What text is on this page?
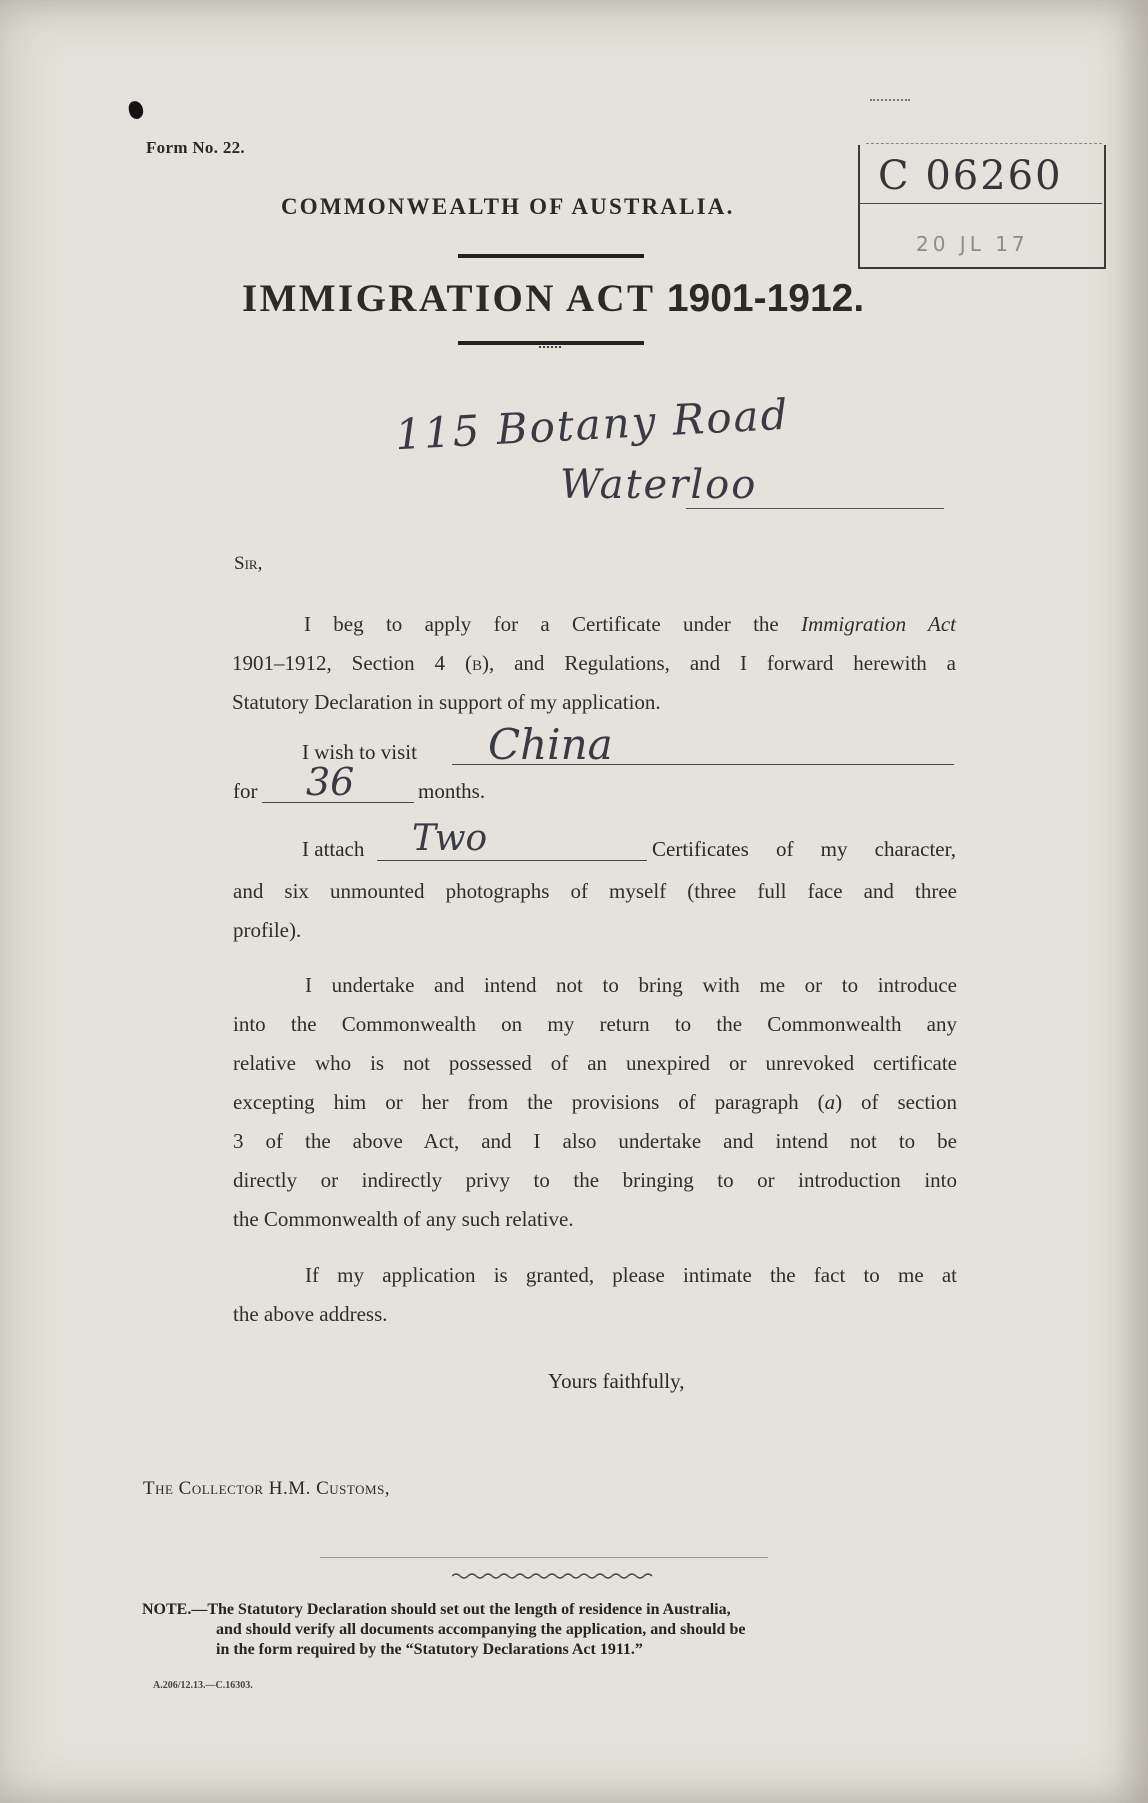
Form No. 22.
C 06260
20 JL 17
COMMONWEALTH OF AUSTRALIA.
IMMIGRATION ACT 1901-1912.
115 Botany Road
Waterloo
Sir,
I beg to apply for a Certificate under the Immigration Act
1901–1912, Section 4 (b), and Regulations, and I forward herewith a
Statutory Declaration in support of my application.
I wish to visit China
for 36	months.
I attach Two	Certificates of my character,
and six unmounted photographs of myself (three full face and three
profile).
I undertake and intend not to bring with me or to introduce
into the Commonwealth on my return to the Commonwealth any
relative who is not possessed of an unexpired or unrevoked certificate
excepting him or her from the provisions of paragraph (a) of section
3 of the above Act, and I also undertake and intend not to be
directly or indirectly privy to the bringing to or introduction into
the Commonwealth of any such relative.
If my application is granted, please intimate the fact to me at
the above address.
Yours faithfully,
The Collector H.M. Customs,
NOTE.—The Statutory Declaration should set out the length of residence in Australia,
and should verify all documents accompanying the application, and should be
in the form required by the “Statutory Declarations Act 1911.”
A.206/12.13.—C.16303.
